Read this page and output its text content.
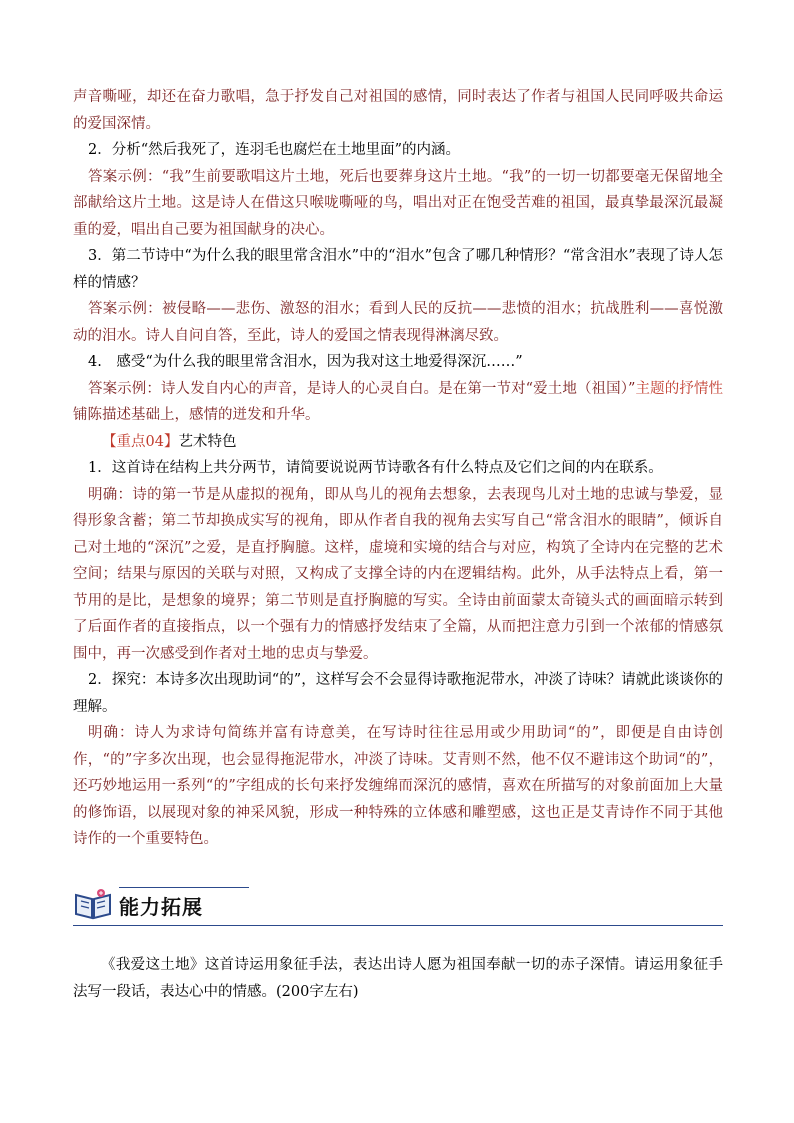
声音嘶哑，却还在奋力歌唱，急于抒发自己对祖国的感情，同时表达了作者与祖国人民同呼吸共命运的爱国深情。

2．分析“然后我死了，连羽毛也腐烂在土地里面”的内涵。

答案示例：“我”生前要歌唱这片土地，死后也要葬身这片土地。“我”的一切一切都要毫无保留地全部献给这片土地。这是诗人在借这只喉咙嘶哑的鸟，唱出对正在饱受苦难的祖国，最真挚最深沉最凝重的爱，唱出自己要为祖国献身的决心。

3．第二节诗中“为什么我的眼里常含泪水”中的“泪水”包含了哪几种情形？“常含泪水”表现了诗人怎样的情感？

答案示例：被侵略——悲伤、激怒的泪水；看到人民的反抗——悲愤的泪水；抗战胜利——喜悦激动的泪水。诗人自问自答，至此，诗人的爱国之情表现得淋漓尽致。

4.　感受“为什么我的眼里常含泪水，因为我对这土地爱得深沉……”

答案示例：诗人发自内心的声音，是诗人的心灵自白。是在第一节对“爱土地（祖国）”主题的抒情性铺陈描述基础上，感情的迸发和升华。

【重点04】艺术特色

1．这首诗在结构上共分两节，请简要说说两节诗歌各有什么特点及它们之间的内在联系。

明确：诗的第一节是从虚拟的视角，即从鸟儿的视角去想象，去表现鸟儿对土地的忠诚与挚爱，显得形象含蓄；第二节却换成实写的视角，即从作者自我的视角去实写自己“常含泪水的眼睛”，倾诉自己对土地的“深沉”之爱，是直抒胸臆。这样，虚境和实境的结合与对应，构筑了全诗内在完整的艺术空间；结果与原因的关联与对照，又构成了支撑全诗的内在逻辑结构。此外，从手法特点上看，第一节用的是比，是想象的境界；第二节则是直抒胸臆的写实。全诗由前面蒙太奇镜头式的画面暗示转到了后面作者的直接指点，以一个强有力的情感抒发结束了全篇，从而把注意力引到一个浓郁的情感氛围中，再一次感受到作者对土地的忠贞与挚爱。

2．探究：本诗多次出现助词“的”，这样写会不会显得诗歌拖泥带水，冲淡了诗味？请就此谈谈你的理解。

明确：诗人为求诗句简练并富有诗意美，在写诗时往往忌用或少用助词“的”，即便是自由诗创作，“的”字多次出现，也会显得拖泥带水，冲淡了诗味。艾青则不然，他不仅不避讳这个助词“的”，还巧妙地运用一系列“的”字组成的长句来抒发缠绵而深沉的感情，喜欢在所描写的对象前面加上大量的修饰语，以展现对象的神采风貌，形成一种特殊的立体感和雕塑感，这也正是艾青诗作不同于其他诗作的一个重要特色。

能力拓展

《我爱这土地》这首诗运用象征手法，表达出诗人愿为祖国奉献一切的赤子深情。请运用象征手法写一段话，表达心中的情感。(200字左右)
